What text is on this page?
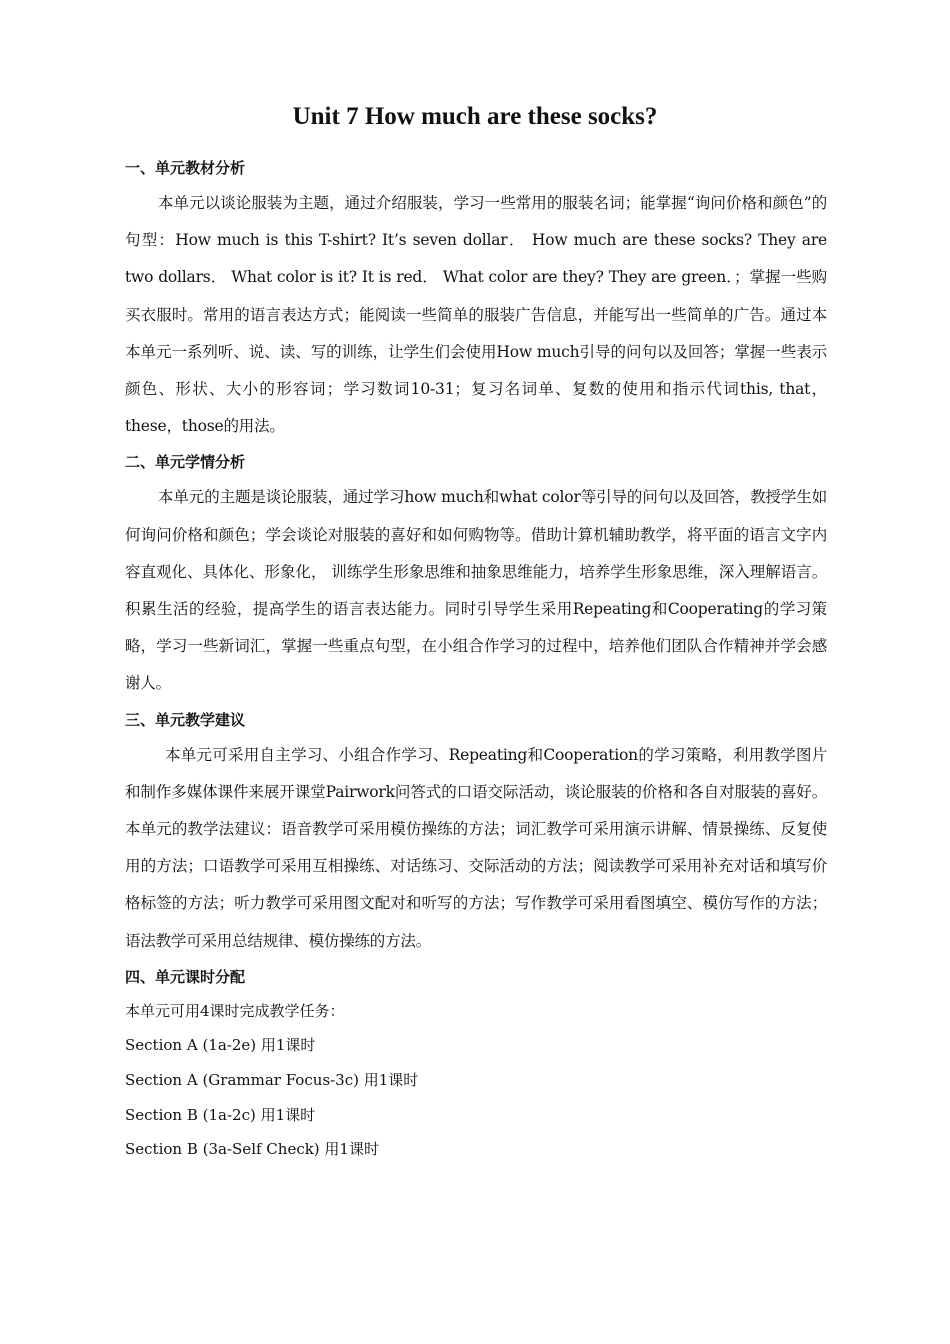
Unit 7 How much are these socks?
一、单元教材分析

本单元以谈论服装为主题，通过介绍服装，学习一些常用的服装名词；能掌握“询问价格和颜色”的句型：How much is this T-shirt? It’s seven dollar． How much are these socks? They are two dollars． What color is it? It is red． What color are they? They are green．；掌握一些购买衣服时。常用的语言表达方式；能阅读一些简单的服装广告信息，并能写出一些简单的广告。通过本本单元一系列听、说、读、写的训练，让学生们会使用How much引导的问句以及回答；掌握一些表示颜色、形状、大小的形容词；学习数词10-31；复习名词单、复数的使用和指示代词this, that，these，those的用法。

二、单元学情分析

本单元的主题是谈论服装，通过学习how much和what color等引导的问句以及回答，教授学生如何询问价格和颜色；学会谈论对服装的喜好和如何购物等。借助计算机辅助教学，将平面的语言文字内容直观化、具体化、形象化， 训练学生形象思维和抽象思维能力，培养学生形象思维，深入理解语言。积累生活的经验，提高学生的语言表达能力。同时引导学生采用Repeating和Cooperating的学习策略，学习一些新词汇，掌握一些重点句型，在小组合作学习的过程中，培养他们团队合作精神并学会感谢人。

三、单元教学建议

本单元可采用自主学习、小组合作学习、Repeating和Cooperation的学习策略，利用教学图片和制作多媒体课件来展开课堂Pairwork问答式的口语交际活动，谈论服装的价格和各自对服装的喜好。本单元的教学法建议：语音教学可采用模仿操练的方法；词汇教学可采用演示讲解、情景操练、反复使用的方法；口语教学可采用互相操练、对话练习、交际活动的方法；阅读教学可采用补充对话和填写价格标签的方法；听力教学可采用图文配对和听写的方法；写作教学可采用看图填空、模仿写作的方法；语法教学可采用总结规律、模仿操练的方法。

四、单元课时分配

本单元可用4课时完成教学任务：

Section A (1a-2e) 用1课时

Section A (Grammar Focus-3c) 用1课时

Section B (1a-2c) 用1课时

Section B (3a-Self Check) 用1课时
